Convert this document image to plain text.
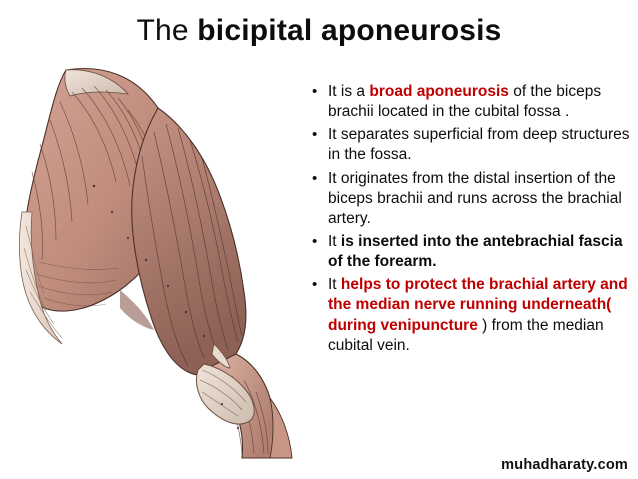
The bicipital aponeurosis
• It is a broad aponeurosis of the biceps brachii located in the cubital fossa .
• It separates superficial from deep structures in the fossa.
• It originates from the distal insertion of the biceps brachii and runs across the brachial artery.
• It is inserted into the antebrachial fascia of the forearm.
• It helps to protect the brachial artery and the median nerve running underneath( during venipuncture ) from the median cubital vein.
muhadharaty.com
